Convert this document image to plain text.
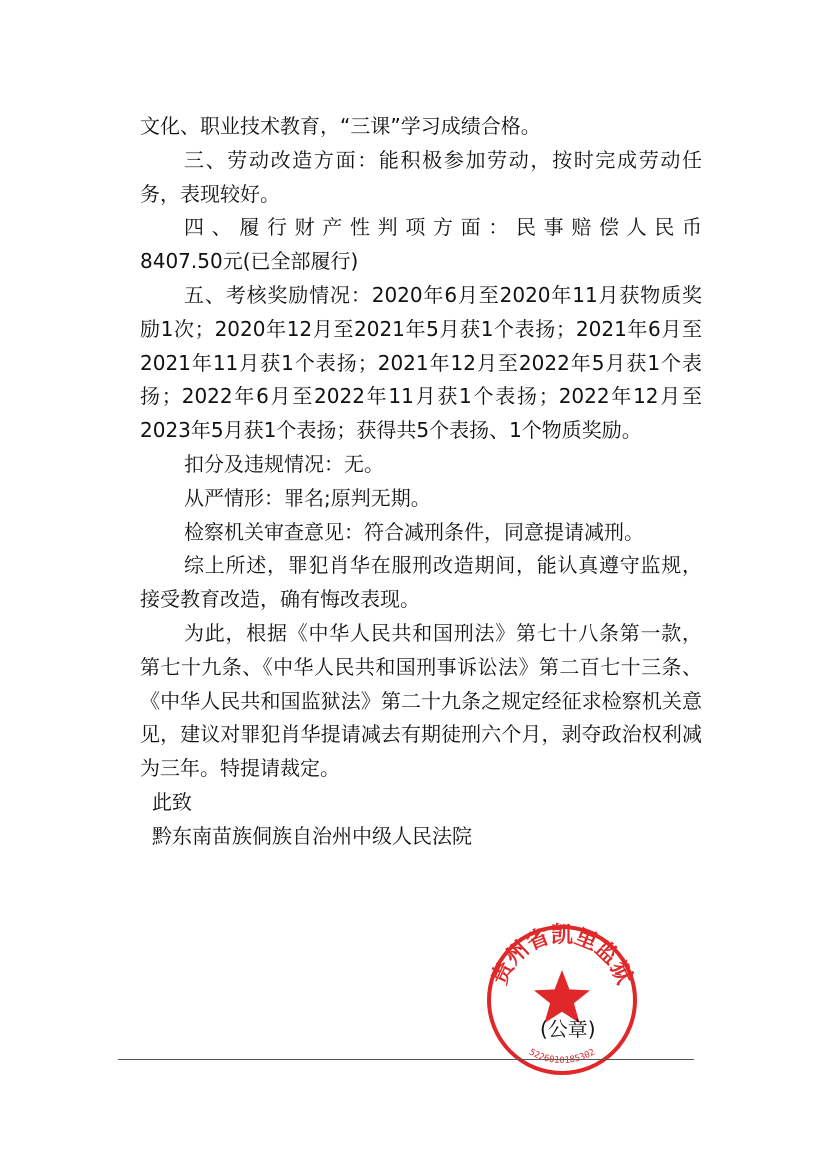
文化、职业技术教育，“三课”学习成绩合格。

三、劳动改造方面：能积极参加劳动，按时完成劳动任务，表现较好。

四、履行财产性判项方面：民事赔偿人民币

8407.50元(已全部履行)

五、考核奖励情况：2020年6月至2020年11月获物质奖励1次；2020年12月至2021年5月获1个表扬；2021年6月至2021年11月获1个表扬；2021年12月至2022年5月获1个表扬；2022年6月至2022年11月获1个表扬；2022年12月至2023年5月获1个表扬；获得共5个表扬、1个物质奖励。

扣分及违规情况：无。

从严情形：罪名;原判无期。

检察机关审查意见：符合减刑条件，同意提请减刑。

综上所述，罪犯肖华在服刑改造期间，能认真遵守监规，接受教育改造，确有悔改表现。

为此，根据《中华人民共和国刑法》第七十八条第一款，第七十九条、《中华人民共和国刑事诉讼法》第二百七十三条、《中华人民共和国监狱法》第二十九条之规定经征求检察机关意见，建议对罪犯肖华提请减去有期徒刑六个月，剥夺政治权利减为三年。特提请裁定。

此致

黔东南苗族侗族自治州中级人民法院

贵州省凯里监狱
5226010185302
(公章)
